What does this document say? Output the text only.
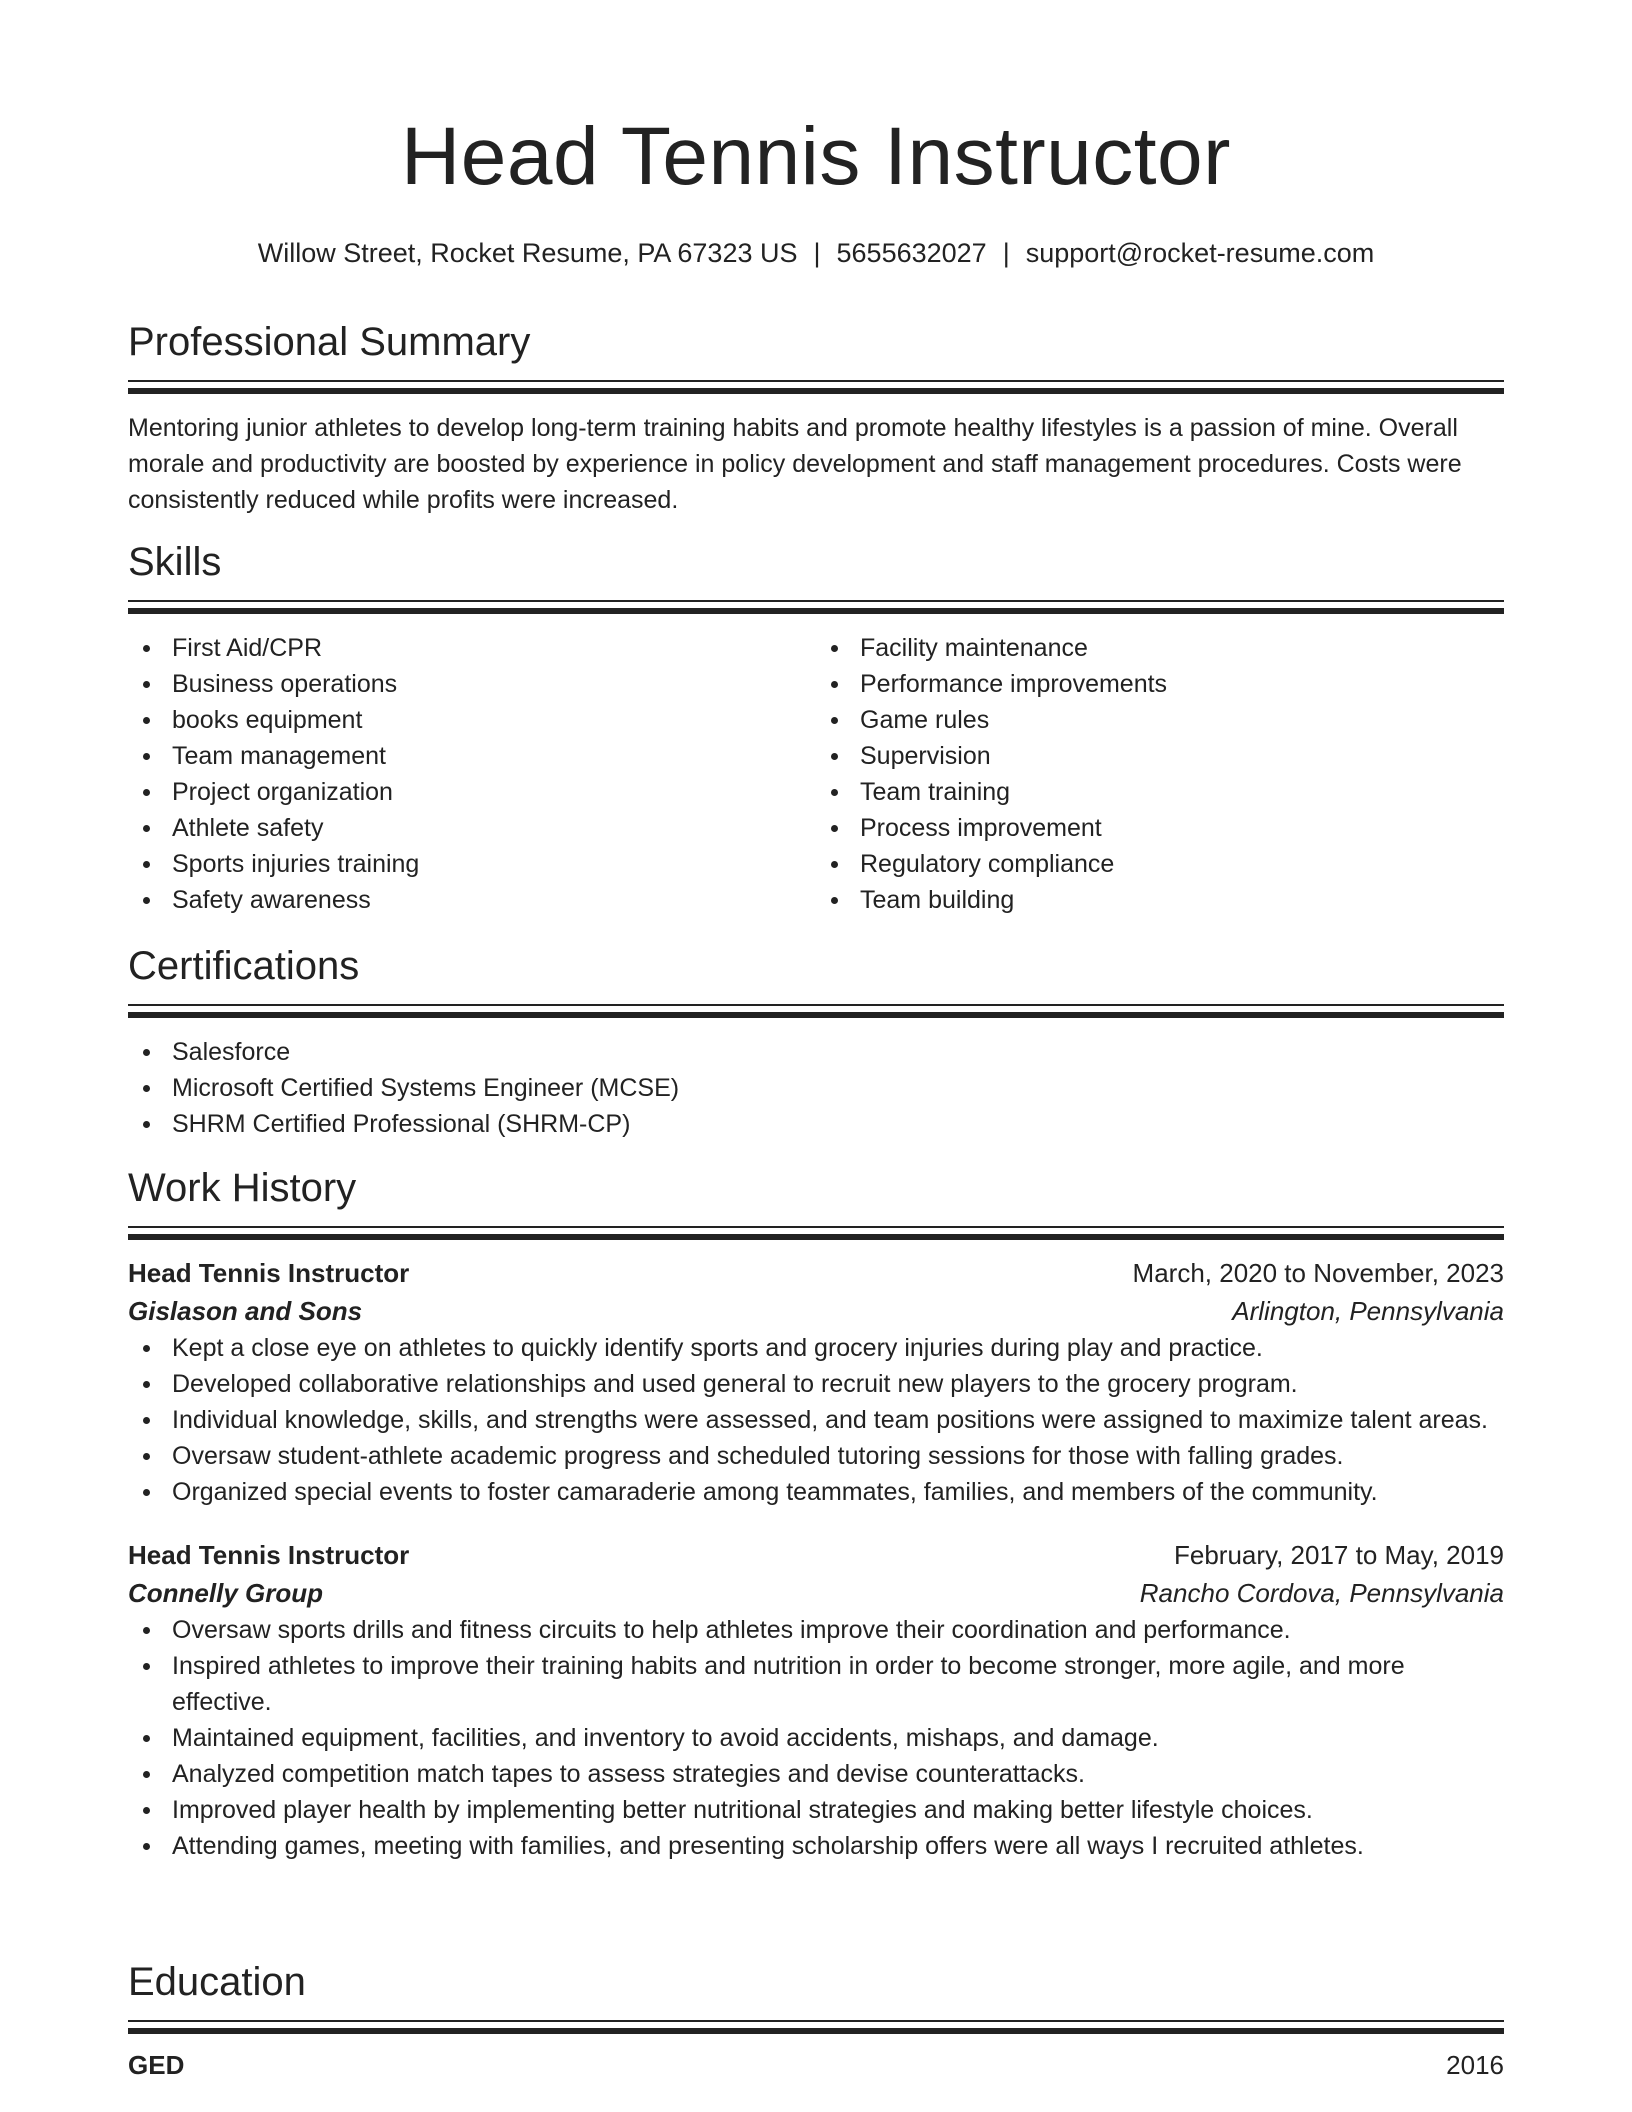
Head Tennis Instructor
Willow Street, Rocket Resume, PA 67323 US | 5655632027 | support@rocket-resume.com
Professional Summary

Mentoring junior athletes to develop long-term training habits and promote healthy lifestyles is a passion of mine. Overall morale and productivity are boosted by experience in policy development and staff management procedures. Costs were consistently reduced while profits were increased.

Skills
First Aid/CPR
Business operations
books equipment
Team management
Project organization
Athlete safety
Sports injuries training
Safety awareness
Facility maintenance
Performance improvements
Game rules
Supervision
Team training
Process improvement
Regulatory compliance
Team building
Certifications
Salesforce
Microsoft Certified Systems Engineer (MCSE)
SHRM Certified Professional (SHRM-CP)
Work History
Head Tennis Instructor	March, 2020 to November, 2023
Gislason and Sons	Arlington, Pennsylvania
Kept a close eye on athletes to quickly identify sports and grocery injuries during play and practice.
Developed collaborative relationships and used general to recruit new players to the grocery program.
Individual knowledge, skills, and strengths were assessed, and team positions were assigned to maximize talent areas.
Oversaw student-athlete academic progress and scheduled tutoring sessions for those with falling grades.
Organized special events to foster camaraderie among teammates, families, and members of the community.
Head Tennis Instructor	February, 2017 to May, 2019
Connelly Group	Rancho Cordova, Pennsylvania
Oversaw sports drills and fitness circuits to help athletes improve their coordination and performance.
Inspired athletes to improve their training habits and nutrition in order to become stronger, more agile, and more effective.
Maintained equipment, facilities, and inventory to avoid accidents, mishaps, and damage.
Analyzed competition match tapes to assess strategies and devise counterattacks.
Improved player health by implementing better nutritional strategies and making better lifestyle choices.
Attending games, meeting with families, and presenting scholarship offers were all ways I recruited athletes.
Education
GED	2016
